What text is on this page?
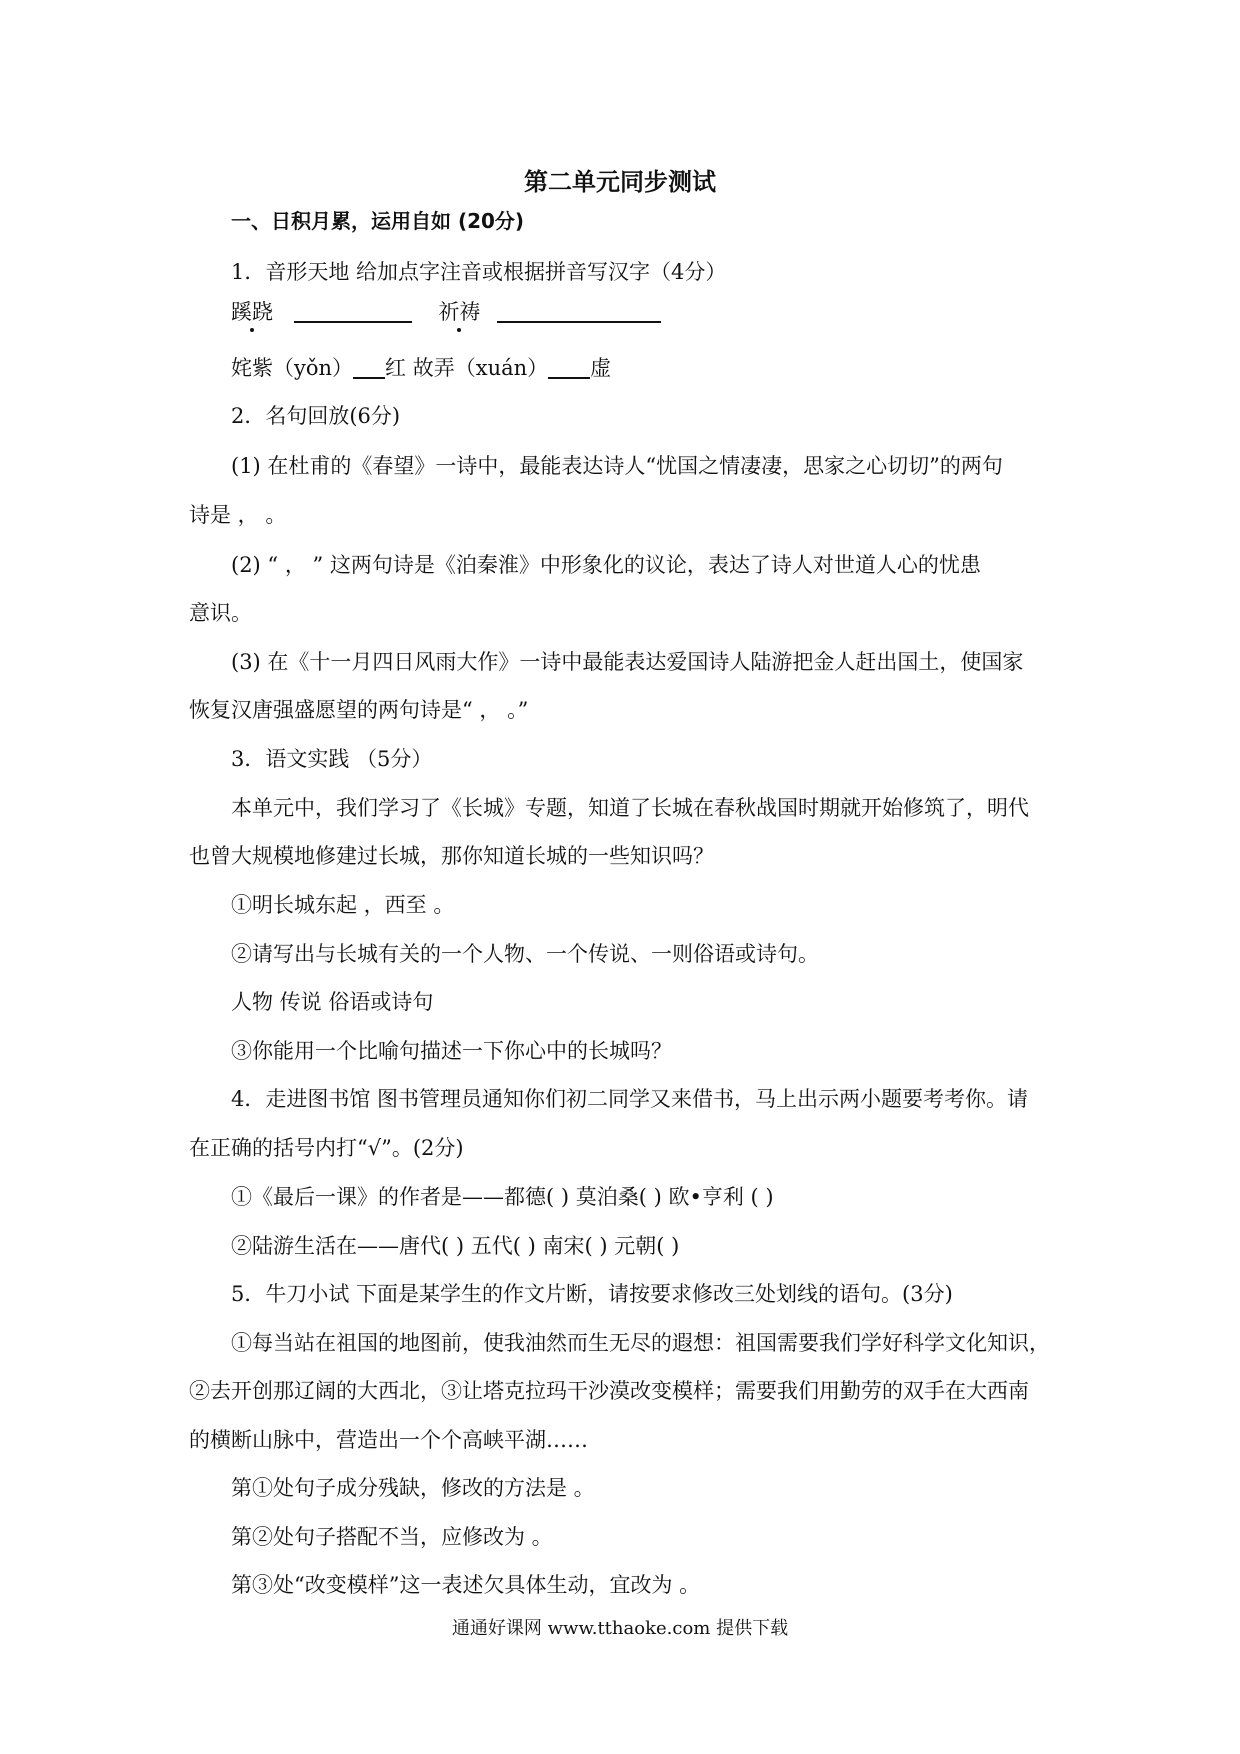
第二单元同步测试
一、日积月累，运用自如 (20分)
1．音形天地 给加点字注音或根据拼音写汉字（4分）
蹊跷	祈祷
姹紫（yǒn） 红 故弄（xuán） 虚
2．名句回放(6分)
(1) 在杜甫的《春望》一诗中，最能表达诗人“忧国之情凄凄，思家之心切切”的两句
诗是 ， 。
(2) “ ， ” 这两句诗是《泊秦淮》中形象化的议论，表达了诗人对世道人心的忧患
意识。
(3) 在《十一月四日风雨大作》一诗中最能表达爱国诗人陆游把金人赶出国土，使国家
恢复汉唐强盛愿望的两句诗是“ ， 。”
3．语文实践 （5分）
本单元中，我们学习了《长城》专题，知道了长城在春秋战国时期就开始修筑了，明代
也曾大规模地修建过长城，那你知道长城的一些知识吗？
①明长城东起 ，西至 。
②请写出与长城有关的一个人物、一个传说、一则俗语或诗句。
人物 传说 俗语或诗句
③你能用一个比喻句描述一下你心中的长城吗？
4．走进图书馆 图书管理员通知你们初二同学又来借书，马上出示两小题要考考你。请
在正确的括号内打“√”。(2分)
①《最后一课》的作者是——都德( ) 莫泊桑( ) 欧•亨利 ( )
②陆游生活在——唐代( ) 五代( ) 南宋( ) 元朝( )
5．牛刀小试 下面是某学生的作文片断，请按要求修改三处划线的语句。(3分)
①每当站在祖国的地图前，使我油然而生无尽的遐想：祖国需要我们学好科学文化知识，
②去开创那辽阔的大西北，③让塔克拉玛干沙漠改变模样；需要我们用勤劳的双手在大西南
的横断山脉中，营造出一个个高峡平湖……
第①处句子成分残缺，修改的方法是 。
第②处句子搭配不当，应修改为 。
第③处“改变模样”这一表述欠具体生动，宜改为 。
通通好课网 www.tthaoke.com 提供下载
